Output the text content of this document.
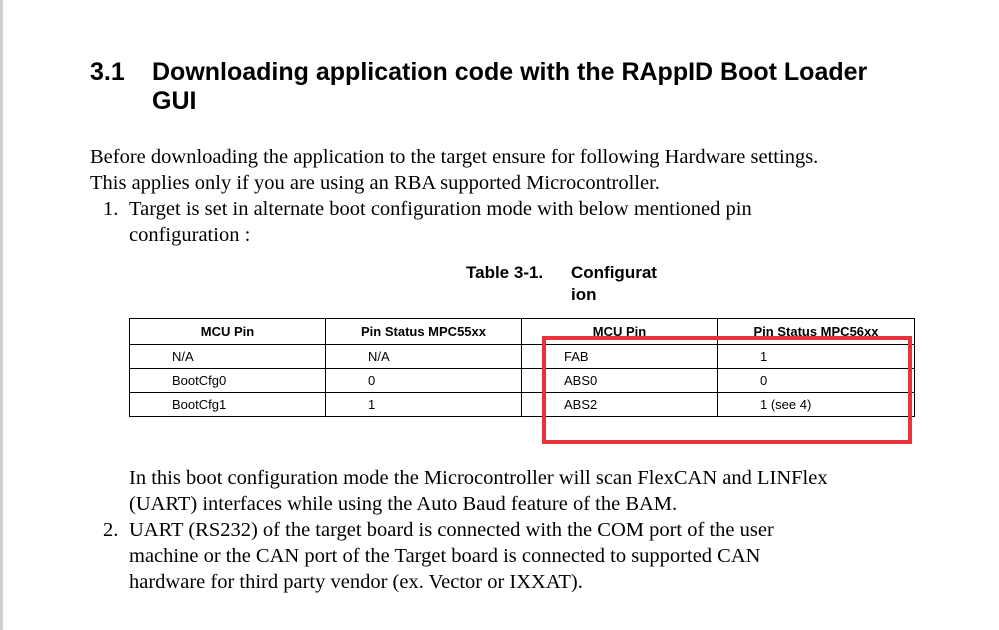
3.1 Downloading application code with the RAppID Boot Loader GUI
Before downloading the application to the target ensure for following Hardware settings.
This applies only if you are using an RBA supported Microcontroller.
1. Target is set in alternate boot configuration mode with below mentioned pin
configuration :
Table 3-1. Configurat
ion
MCU Pin	Pin Status MPC55xx	MCU Pin	Pin Status MPC56xx
N/A	N/A	FAB	1
BootCfg0	0	ABS0	0
BootCfg1	1	ABS2	1 (see 4)
In this boot configuration mode the Microcontroller will scan FlexCAN and LINFlex
(UART) interfaces while using the Auto Baud feature of the BAM.
2. UART (RS232) of the target board is connected with the COM port of the user
machine or the CAN port of the Target board is connected to supported CAN
hardware for third party vendor (ex. Vector or IXXAT).
